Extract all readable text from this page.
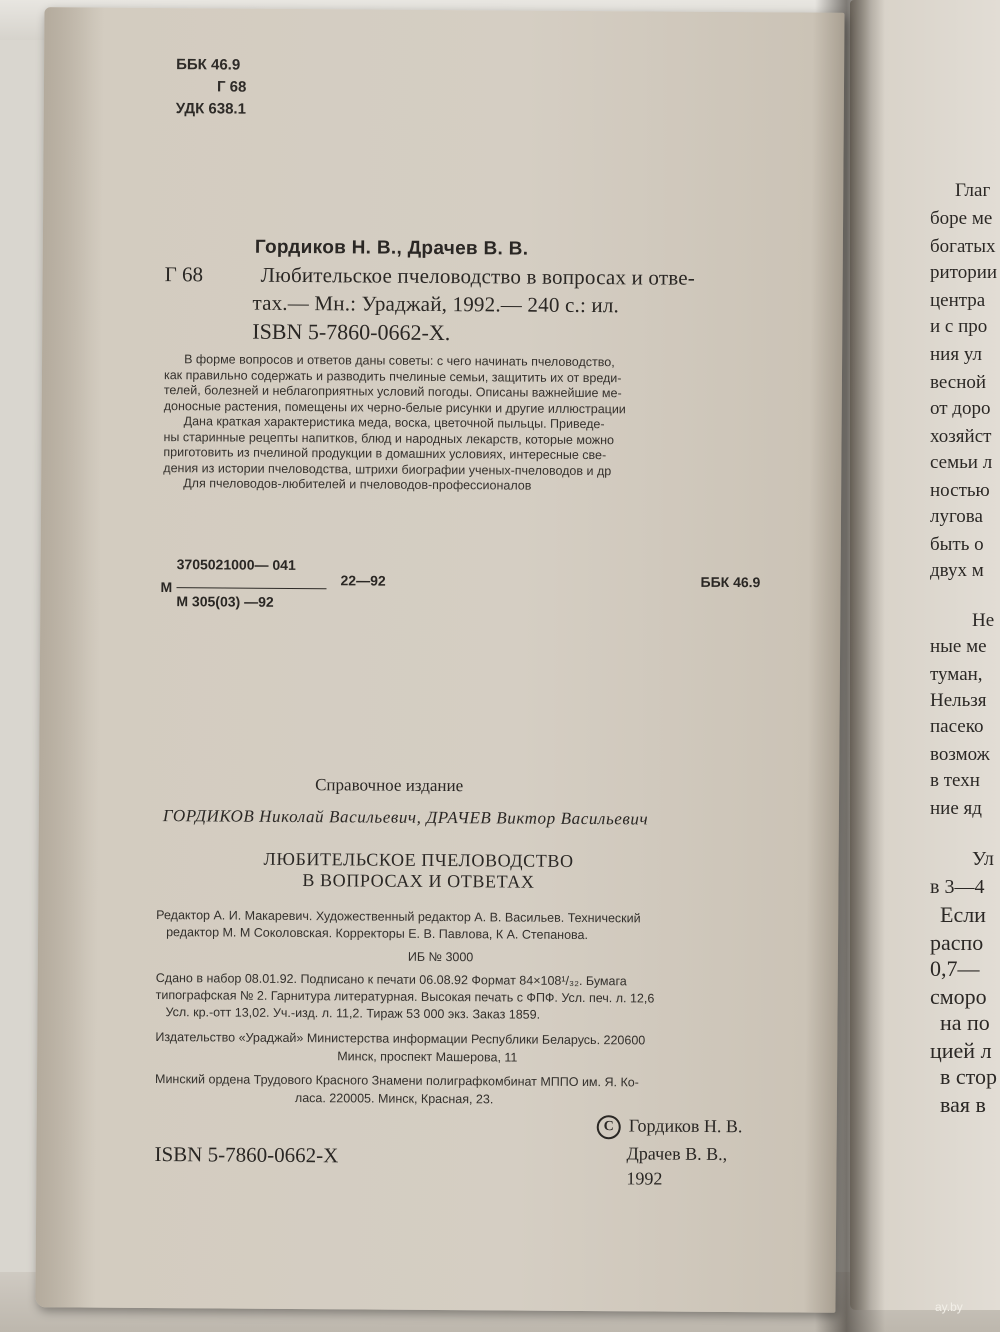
Глаг
боре ме
богатых
ритории
центра
и с про
ния ул
весной
от доро
хозяйст
семьи л
ностью
лугова
быть о
двух м
Не
ные ме
туман,
Нельзя
пасеко
возмож
в техн
ние яд
Ул
в 3—4
Если
распо
0,7—
сморо
на по
цией л
в стор
вая в
ББК 46.9
Г 68
УДК 638.1
Гордиков Н. В., Драчев В. В.
Г 68	Любительское пчеловодство в вопросах и отве-
тах.— Мн.: Ураджай, 1992.— 240 с.: ил.
ISBN 5-7860-0662-X.
В форме вопросов и ответов даны советы: с чего начинать пчеловодство,
как правильно содержать и разводить пчелиные семьи, защитить их от вреди-
телей, болезней и неблагоприятных условий погоды. Описаны важнейшие ме-
доносные растения, помещены их черно-белые рисунки и другие иллюстрации
Дана краткая характеристика меда, воска, цветочной пыльцы. Приведе-
ны старинные рецепты напитков, блюд и народных лекарств, которые можно
приготовить из пчелиной продукции в домашних условиях, интересные све-
дения из истории пчеловодства, штрихи биографии ученых-пчеловодов и др
Для пчеловодов-любителей и пчеловодов-профессионалов
3705021000— 041
М
М 305(03) —92
22—92	ББК 46.9
Справочное издание
ГОРДИКОВ Николай Васильевич, ДРАЧЕВ Виктор Васильевич
ЛЮБИТЕЛЬСКОЕ ПЧЕЛОВОДСТВО
В ВОПРОСАХ И ОТВЕТАХ
Редактор А. И. Макаревич. Художественный редактор А. В. Васильев. Технический
редактор М. М Соколовская. Корректоры Е. В. Павлова, К А. Степанова.
ИБ № 3000
Сдано в набор 08.01.92. Подписано к печати 06.08.92 Формат 84×108¹/₃₂. Бумага
типографская № 2. Гарнитура литературная. Высокая печать с ФПФ. Усл. печ. л. 12,6
Усл. кр.-отт 13,02. Уч.-изд. л. 11,2. Тираж 53 000 экз. Заказ 1859.
Издательство «Ураджай» Министерства информации Республики Беларусь. 220600
Минск, проспект Машерова, 11
Минский ордена Трудового Красного Знамени полиграфкомбинат МППО им. Я. Ко-
ласа. 220005. Минск, Красная, 23.
ISBN 5-7860-0662-X
C Гордиков Н. В.
Драчев В. В.,
1992
ay.by
